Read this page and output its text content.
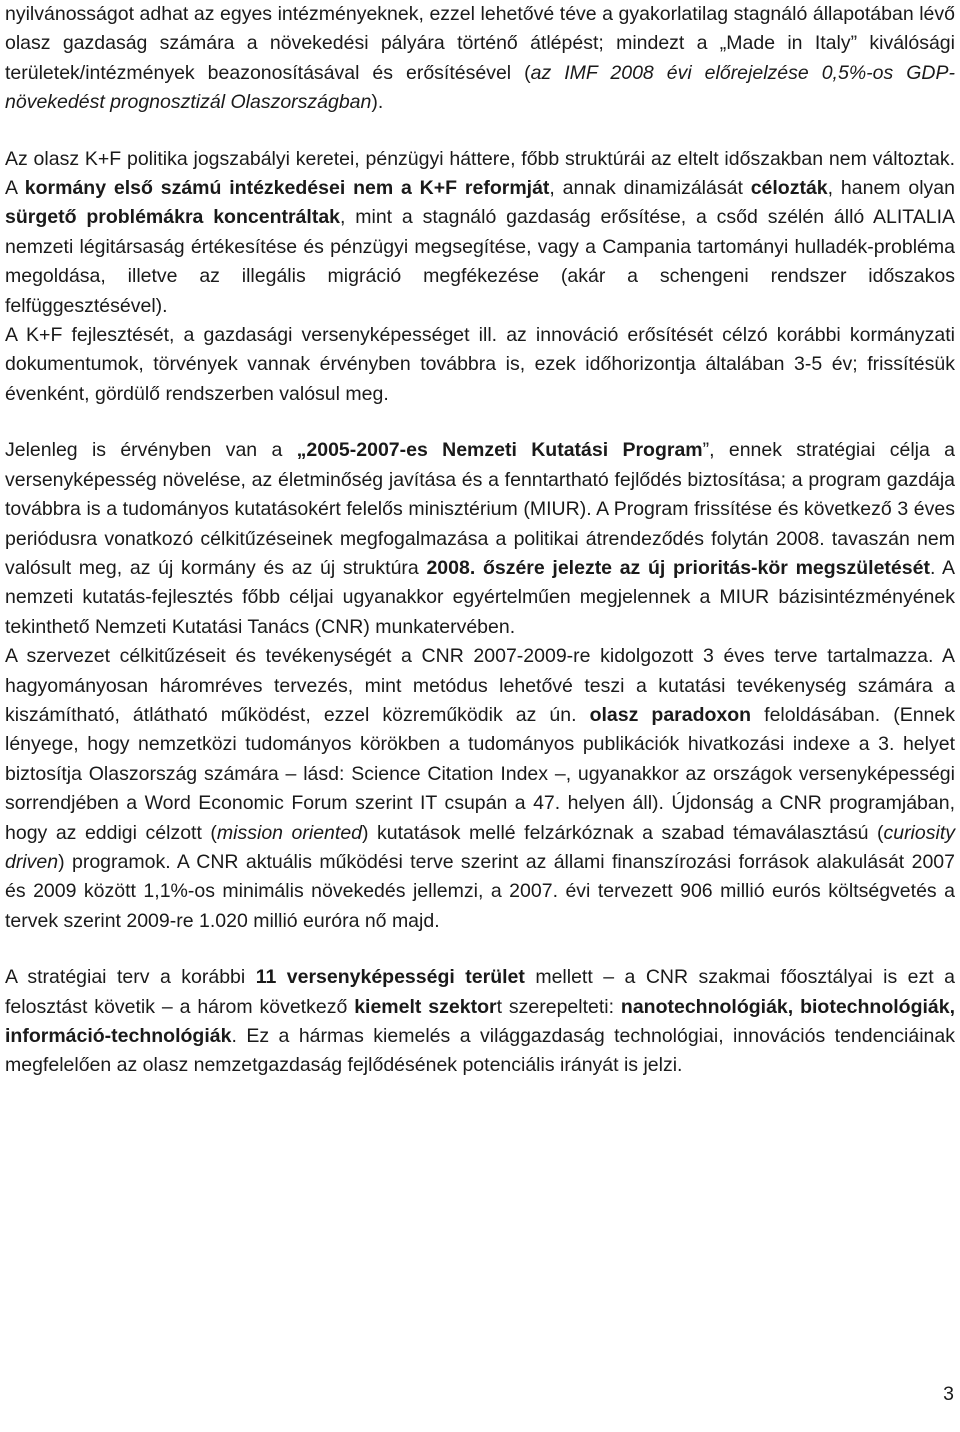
nyilvánosságot adhat az egyes intézményeknek, ezzel lehetővé téve a gyakorlatilag stagnáló állapotában lévő olasz gazdaság számára a növekedési pályára történő átlépést; mindezt a „Made in Italy” kiválósági területek/intézmények beazonosításával és erősítésével (az IMF 2008 évi előrejelzése 0,5%-os GDP-növekedést prognosztizál Olaszországban).

Az olasz K+F politika jogszabályi keretei, pénzügyi háttere, főbb struktúrái az eltelt időszakban nem változtak. A kormány első számú intézkedései nem a K+F reformját, annak dinamizálását célozták, hanem olyan sürgető problémákra koncentráltak, mint a stagnáló gazdaság erősítése, a csőd szélén álló ALITALIA nemzeti légitársaság értékesítése és pénzügyi megsegítése, vagy a Campania tartományi hulladék-probléma megoldása, illetve az illegális migráció megfékezése (akár a schengeni rendszer időszakos felfüggesztésével).

A K+F fejlesztését, a gazdasági versenyképességet ill. az innováció erősítését célzó korábbi kormányzati dokumentumok, törvények vannak érvényben továbbra is, ezek időhorizontja általában 3-5 év; frissítésük évenként, gördülő rendszerben valósul meg.

Jelenleg is érvényben van a „2005-2007-es Nemzeti Kutatási Program”, ennek stratégiai célja a versenyképesség növelése, az életminőség javítása és a fenntartható fejlődés biztosítása; a program gazdája továbbra is a tudományos kutatásokért felelős minisztérium (MIUR). A Program frissítése és következő 3 éves periódusra vonatkozó célkitűzéseinek megfogalmazása a politikai átrendeződés folytán 2008. tavaszán nem valósult meg, az új kormány és az új struktúra 2008. őszére jelezte az új prioritás-kör megszületését. A nemzeti kutatás-fejlesztés főbb céljai ugyanakkor egyértelműen megjelennek a MIUR bázisintézményének tekinthető Nemzeti Kutatási Tanács (CNR) munkatervében.

A szervezet célkitűzéseit és tevékenységét a CNR 2007-2009-re kidolgozott 3 éves terve tartalmazza. A hagyományosan háromréves tervezés, mint metódus lehetővé teszi a kutatási tevékenység számára a kiszámítható, átlátható működést, ezzel közreműködik az ún. olasz paradoxon feloldásában. (Ennek lényege, hogy nemzetközi tudományos körökben a tudományos publikációk hivatkozási indexe a 3. helyet biztosítja Olaszország számára – lásd: Science Citation Index –, ugyanakkor az országok versenyképességi sorrendjében a Word Economic Forum szerint IT csupán a 47. helyen áll). Újdonság a CNR programjában, hogy az eddigi célzott (mission oriented) kutatások mellé felzárkóznak a szabad témaválasztású (curiosity driven) programok. A CNR aktuális működési terve szerint az állami finanszírozási források alakulását 2007 és 2009 között 1,1%-os minimális növekedés jellemzi, a 2007. évi tervezett 906 millió eurós költségvetés a tervek szerint 2009-re 1.020 millió euróra nő majd.

A stratégiai terv a korábbi 11 versenyképességi terület mellett – a CNR szakmai főosztályai is ezt a felosztást követik – a három következő kiemelt szektort szerepelteti: nanotechnológiák, biotechnológiák, információ-technológiák. Ez a hármas kiemelés a világgazdaság technológiai, innovációs tendenciáinak megfelelően az olasz nemzetgazdaság fejlődésének potenciális irányát is jelzi.

3
